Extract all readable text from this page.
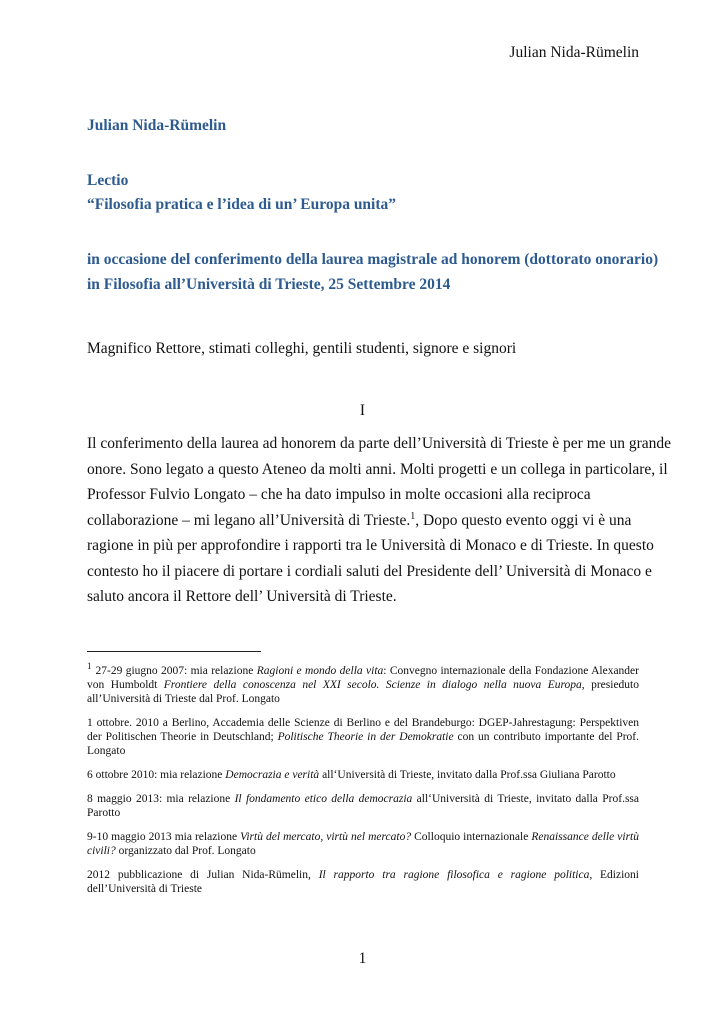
Julian Nida-Rümelin
Julian Nida-Rümelin
Lectio
“Filosofia pratica e l’idea di un’ Europa unita”
in occasione del conferimento della laurea magistrale ad honorem (dottorato onorario)
in Filosofia all’Università di Trieste, 25 Settembre 2014
Magnifico Rettore, stimati colleghi, gentili studenti, signore e signori
I
Il conferimento della laurea ad honorem da parte dell’Università di Trieste è per me un grande
onore. Sono legato a questo Ateneo da molti anni. Molti progetti e un collega in particolare, il
Professor Fulvio Longato – che ha dato impulso in molte occasioni alla reciproca
collaborazione – mi legano all’Università di Trieste.$^1$, Dopo questo evento oggi vi è una
ragione in più per approfondire i rapporti tra le Università di Monaco e di Trieste. In questo
contesto ho il piacere di portare i cordiali saluti del Presidente dell’ Università di Monaco e
saluto ancora il Rettore dell’ Università di Trieste.

$^1$ 27-29 giugno 2007: mia relazione Ragioni e mondo della vita: Convegno internazionale della Fondazione Alexander von Humboldt Frontiere della conoscenza nel XXI secolo. Scienze in dialogo nella nuova Europa, presieduto all’Università di Trieste dal Prof. Longato

1 ottobre. 2010 a Berlino, Accademia delle Scienze di Berlino e del Brandeburgo: DGEP-Jahrestagung: Perspektiven der Politischen Theorie in Deutschland; Politische Theorie in der Demokratie con un contributo importante del Prof. Longato

6 ottobre 2010: mia relazione Democrazia e verità all‘Università di Trieste, invitato dalla Prof.ssa Giuliana Parotto

8 maggio 2013: mia relazione Il fondamento etico della democrazia all‘Università di Trieste, invitato dalla Prof.ssa Parotto

9-10 maggio 2013 mia relazione Virtù del mercato, virtù nel mercato? Colloquio internazionale Renaissance delle virtù civili? organizzato dal Prof. Longato

2012 pubblicazione di Julian Nida-Rümelin, Il rapporto tra ragione filosofica e ragione politica, Edizioni dell’Università di Trieste

1
